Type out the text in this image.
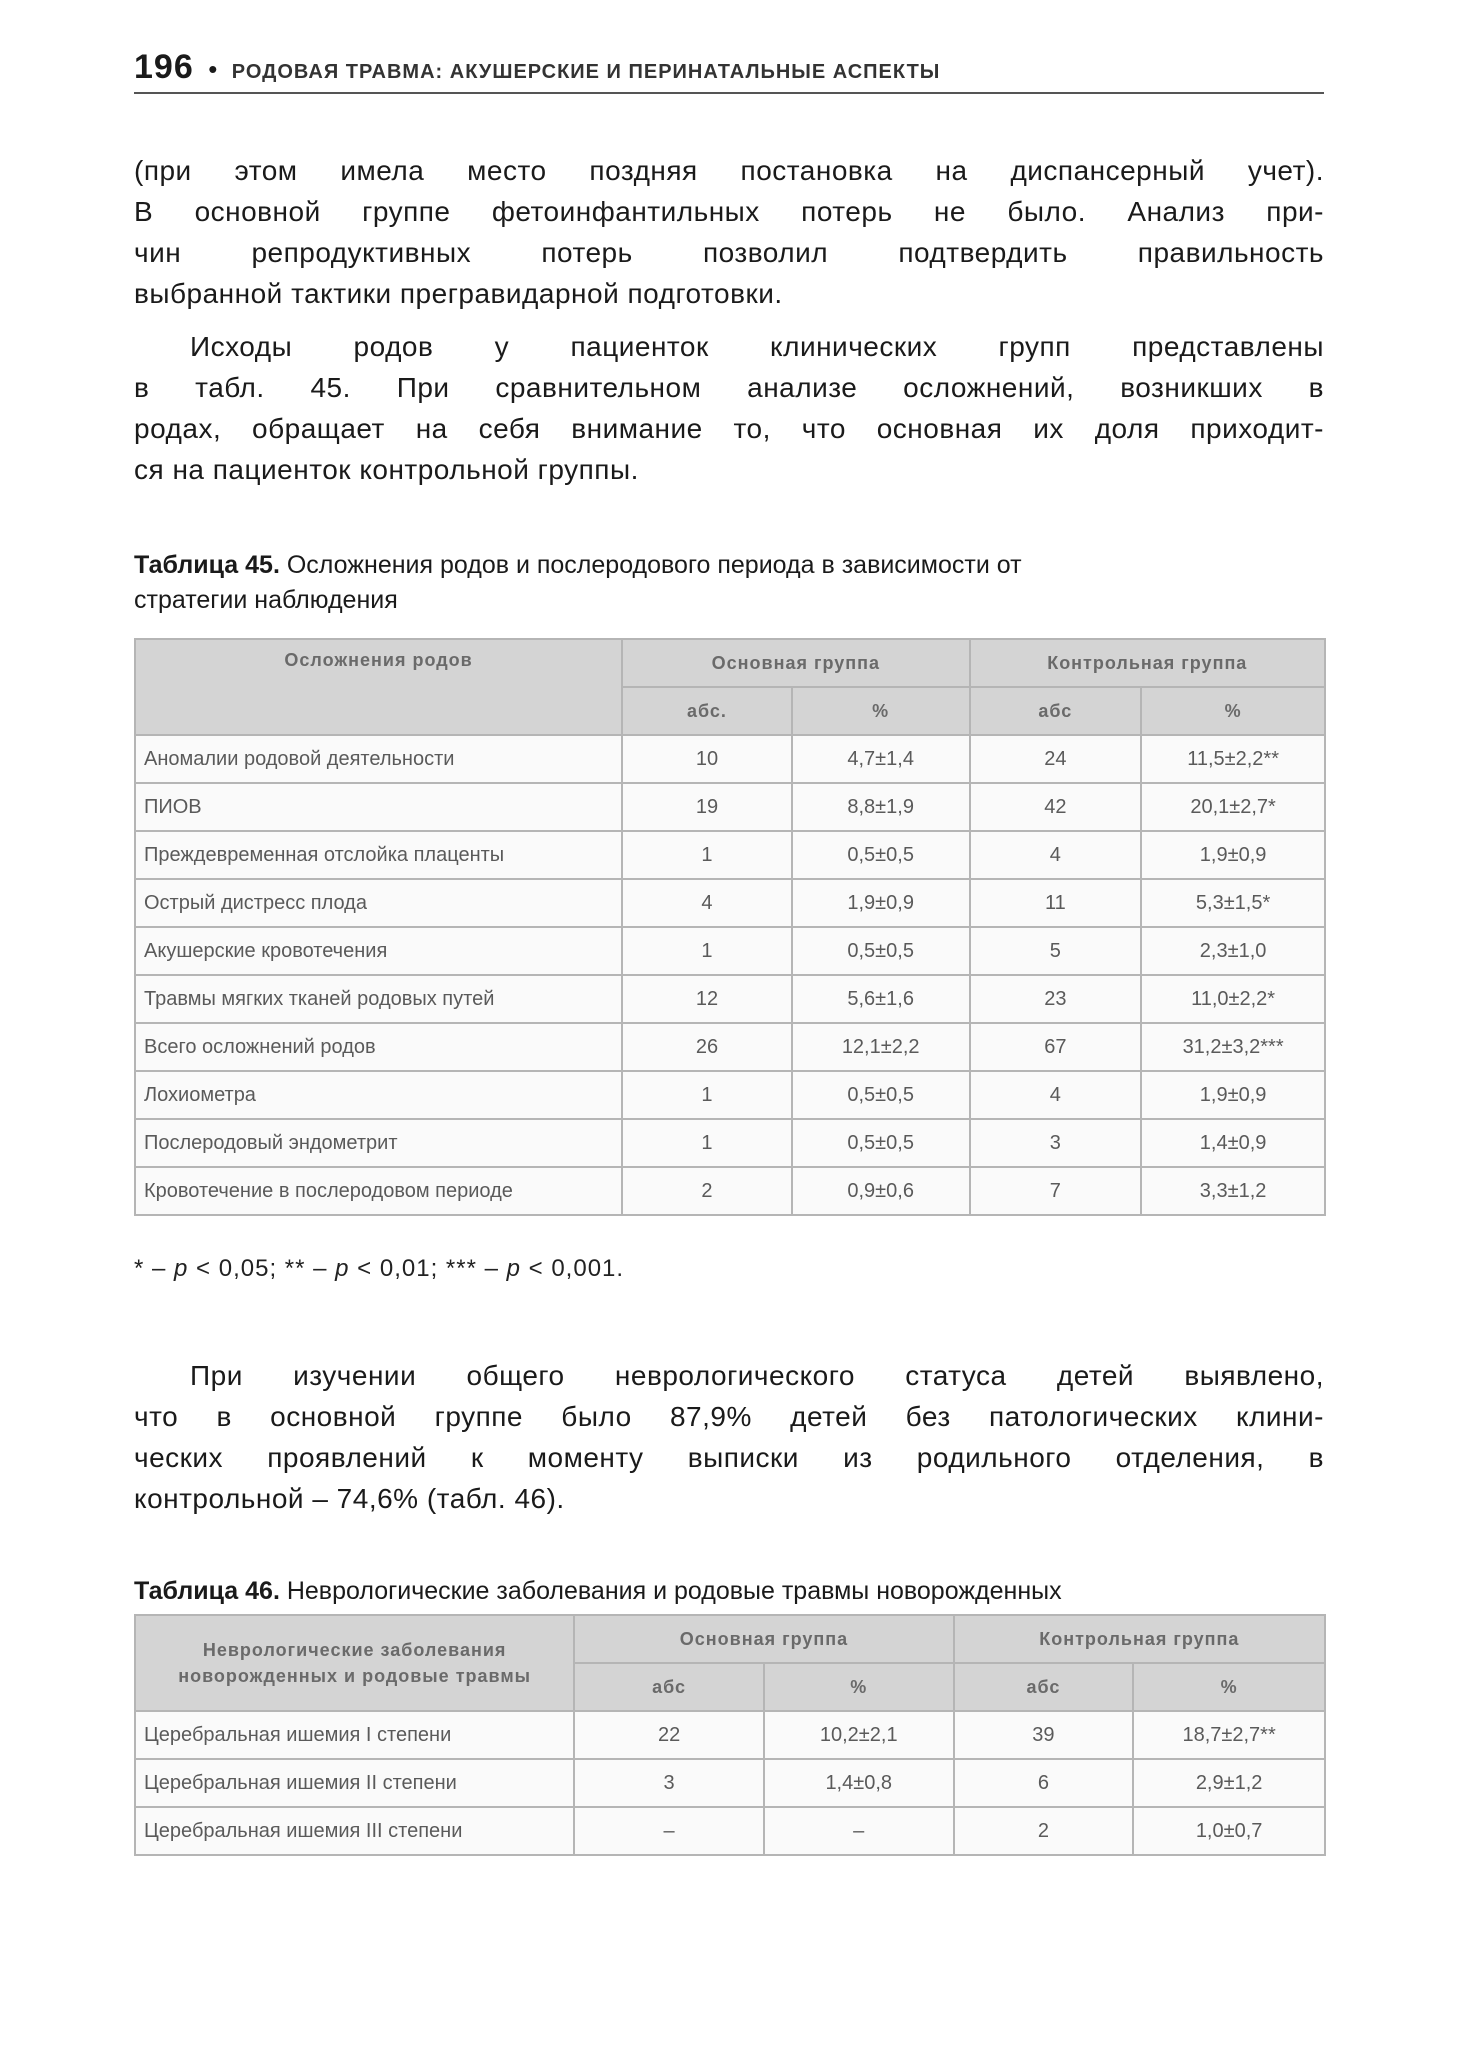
196 • РОДОВАЯ ТРАВМА: АКУШЕРСКИЕ И ПЕРИНАТАЛЬНЫЕ АСПЕКТЫ
(при этом имела место поздняя постановка на диспансерный учет).
В основной группе фетоинфантильных потерь не было. Анализ при-
чин репродуктивных потерь позволил подтвердить правильность
выбранной тактики прегравидарной подготовки.
Исходы родов у пациенток клинических групп представлены
в табл. 45. При сравнительном анализе осложнений, возникших в
родах, обращает на себя внимание то, что основная их доля приходит-
ся на пациенток контрольной группы.
Таблица 45. Осложнения родов и послеродового периода в зависимости от
стратегии наблюдения
Осложнения родов	Основная группа		Контрольная группа	
	абс.	%	абс	%
Аномалии родовой деятельности	10	4,7±1,4	24	11,5±2,2**
ПИОВ	19	8,8±1,9	42	20,1±2,7*
Преждевременная отслойка плаценты	1	0,5±0,5	4	1,9±0,9
Острый дистресс плода	4	1,9±0,9	11	5,3±1,5*
Акушерские кровотечения	1	0,5±0,5	5	2,3±1,0
Травмы мягких тканей родовых путей	12	5,6±1,6	23	11,0±2,2*
Всего осложнений родов	26	12,1±2,2	67	31,2±3,2***
Лохиометра	1	0,5±0,5	4	1,9±0,9
Послеродовый эндометрит	1	0,5±0,5	3	1,4±0,9
Кровотечение в послеродовом периоде	2	0,9±0,6	7	3,3±1,2
* – p < 0,05; ** – p < 0,01; *** – p < 0,001.
При изучении общего неврологического статуса детей выявлено,
что в основной группе было 87,9% детей без патологических клини-
ческих проявлений к моменту выписки из родильного отделения, в
контрольной – 74,6% (табл. 46).
Таблица 46. Неврологические заболевания и родовые травмы новорожденных
Неврологические заболевания
новорожденных и родовые травмы	Основная группа		Контрольная группа	
	абс	%	абс	%
Церебральная ишемия I степени	22	10,2±2,1	39	18,7±2,7**
Церебральная ишемия II степени	3	1,4±0,8	6	2,9±1,2
Церебральная ишемия III степени	–	–	2	1,0±0,7
